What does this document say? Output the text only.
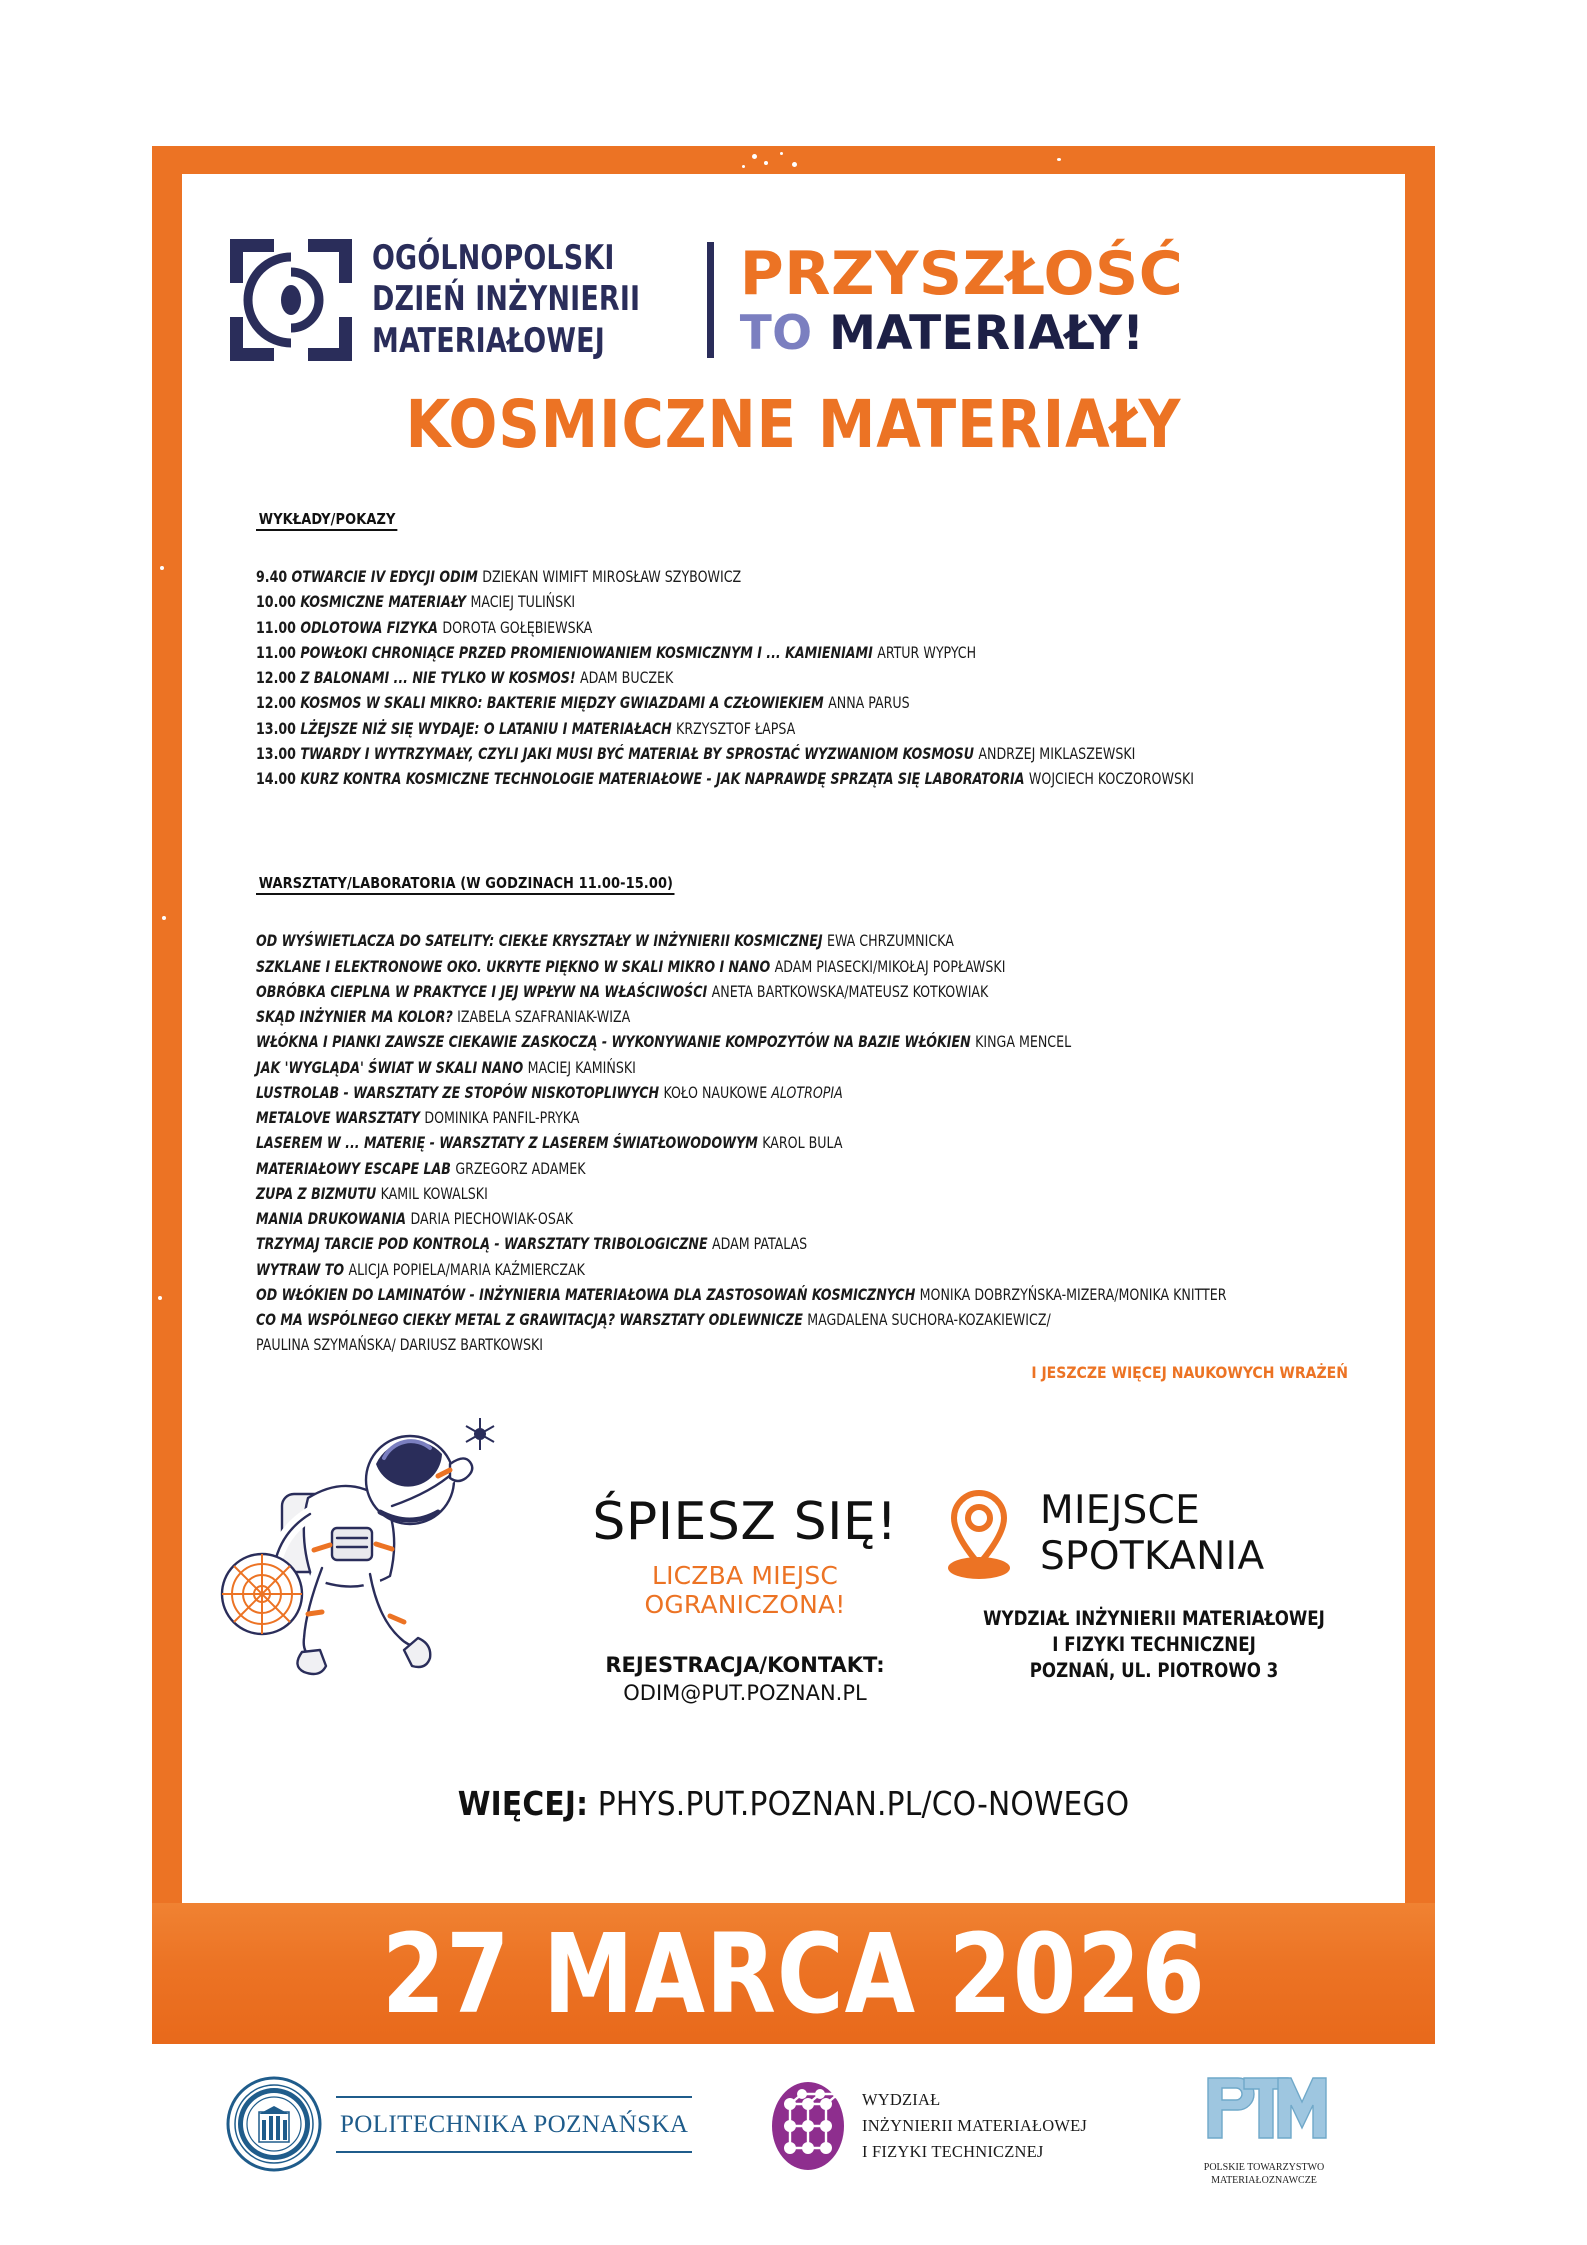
OGÓLNOPOLSKI
DZIEŃ INŻYNIERII
MATERIAŁOWEJ
PRZYSZŁOŚĆ
TO MATERIAŁY!
KOSMICZNE MATERIAŁY
WYKŁADY/POKAZY
9.40 OTWARCIE IV EDYCJI ODIM DZIEKAN WIMIFT MIROSŁAW SZYBOWICZ
10.00 KOSMICZNE MATERIAŁY MACIEJ TULIŃSKI
11.00 ODLOTOWA FIZYKA DOROTA GOŁĘBIEWSKA
11.00 POWŁOKI CHRONIĄCE PRZED PROMIENIOWANIEM KOSMICZNYM I ... KAMIENIAMI ARTUR WYPYCH
12.00 Z BALONAMI ... NIE TYLKO W KOSMOS! ADAM BUCZEK
12.00 KOSMOS W SKALI MIKRO: BAKTERIE MIĘDZY GWIAZDAMI A CZŁOWIEKIEM ANNA PARUS
13.00 LŻEJSZE NIŻ SIĘ WYDAJE: O LATANIU I MATERIAŁACH KRZYSZTOF ŁAPSA
13.00 TWARDY I WYTRZYMAŁY, CZYLI JAKI MUSI BYĆ MATERIAŁ BY SPROSTAĆ WYZWANIOM KOSMOSU ANDRZEJ MIKLASZEWSKI
14.00 KURZ KONTRA KOSMICZNE TECHNOLOGIE MATERIAŁOWE - JAK NAPRAWDĘ SPRZĄTA SIĘ LABORATORIA WOJCIECH KOCZOROWSKI
WARSZTATY/LABORATORIA (W GODZINACH 11.00-15.00)
OD WYŚWIETLACZA DO SATELITY: CIEKŁE KRYSZTAŁY W INŻYNIERII KOSMICZNEJ EWA CHRZUMNICKA
SZKLANE I ELEKTRONOWE OKO. UKRYTE PIĘKNO W SKALI MIKRO I NANO ADAM PIASECKI/MIKOŁAJ POPŁAWSKI
OBRÓBKA CIEPLNA W PRAKTYCE I JEJ WPŁYW NA WŁAŚCIWOŚCI ANETA BARTKOWSKA/MATEUSZ KOTKOWIAK
SKĄD INŻYNIER MA KOLOR? IZABELA SZAFRANIAK-WIZA
WŁÓKNA I PIANKI ZAWSZE CIEKAWIE ZASKOCZĄ - WYKONYWANIE KOMPOZYTÓW NA BAZIE WŁÓKIEN KINGA MENCEL
JAK 'WYGLĄDA' ŚWIAT W SKALI NANO MACIEJ KAMIŃSKI
LUSTROLAB - WARSZTATY ZE STOPÓW NISKOTOPLIWYCH KOŁO NAUKOWE ALOTROPIA
METALOVE WARSZTATY DOMINIKA PANFIL-PRYKA
LASEREM W ... MATERIĘ - WARSZTATY Z LASEREM ŚWIATŁOWODOWYM KAROL BULA
MATERIAŁOWY ESCAPE LAB GRZEGORZ ADAMEK
ZUPA Z BIZMUTU KAMIL KOWALSKI
MANIA DRUKOWANIA DARIA PIECHOWIAK-OSAK
TRZYMAJ TARCIE POD KONTROLĄ - WARSZTATY TRIBOLOGICZNE ADAM PATALAS
WYTRAW TO ALICJA POPIELA/MARIA KAŹMIERCZAK
OD WŁÓKIEN DO LAMINATÓW - INŻYNIERIA MATERIAŁOWA DLA ZASTOSOWAŃ KOSMICZNYCH MONIKA DOBRZYŃSKA-MIZERA/MONIKA KNITTER
CO MA WSPÓLNEGO CIEKŁY METAL Z GRAWITACJĄ? WARSZTATY ODLEWNICZE MAGDALENA SUCHORA-KOZAKIEWICZ/
PAULINA SZYMAŃSKA/ DARIUSZ BARTKOWSKI
I JESZCZE WIĘCEJ NAUKOWYCH WRAŻEŃ
ŚPIESZ SIĘ!
LICZBA MIEJSC OGRANICZONA!
REJESTRACJA/KONTAKT:
ODIM@PUT.POZNAN.PL
MIEJSCE
SPOTKANIA
WYDZIAŁ INŻYNIERII MATERIAŁOWEJ
I FIZYKI TECHNICZNEJ
POZNAŃ, UL. PIOTROWO 3
WIĘCEJ: PHYS.PUT.POZNAN.PL/CO-NOWEGO
27 MARCA 2026
POLITECHNIKA POZNAŃSKA
WYDZIAŁ
INŻYNIERII MATERIAŁOWEJ
I FIZYKI TECHNICZNEJ
POLSKIE TOWARZYSTWO
MATERIAŁOZNAWCZE
